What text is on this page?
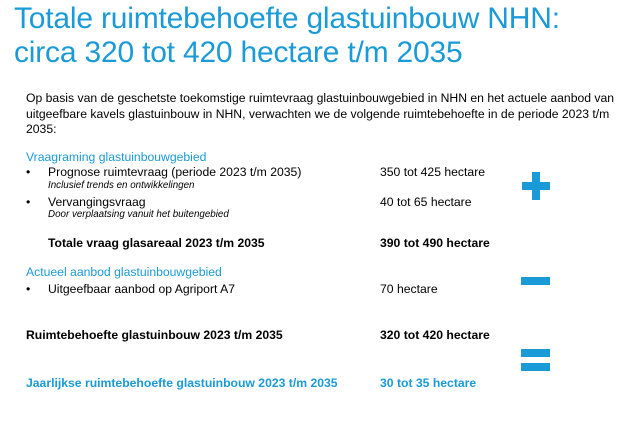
Totale ruimtebehoefte glastuinbouw NHN:
circa 320 tot 420 hectare t/m 2035
Op basis van de geschetste toekomstige ruimtevraag glastuinbouwgebied in NHN en het actuele aanbod van uitgeefbare kavels glastuinbouw in NHN, verwachten we de volgende ruimtebehoefte in de periode 2023 t/m 2035:
Vraagraming glastuinbouwgebied
• Prognose ruimtevraag (periode 2023 t/m 2035)	350 tot 425 hectare
Inclusief trends en ontwikkelingen
• Vervangingsvraag	40 tot 65 hectare
Door verplaatsing vanuit het buitengebied
Totale vraag glasareaal 2023 t/m 2035	390 tot 490 hectare
Actueel aanbod glastuinbouwgebied
• Uitgeefbaar aanbod op Agriport A7	70 hectare
Ruimtebehoefte glastuinbouw 2023 t/m 2035	320 tot 420 hectare
Jaarlijkse ruimtebehoefte glastuinbouw 2023 t/m 2035	30 tot 35 hectare
